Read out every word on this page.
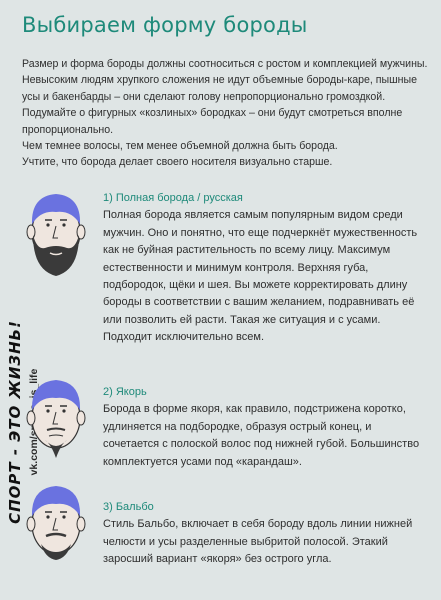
Выбираем форму бороды

Размер и форма бороды должны соотноситься с ростом и комплекцией мужчины.

Невысоким людям хрупкого сложения не идут объемные бороды-каре, пышные усы и бакенбарды – они сделают голову непропорционально громоздкой. Подумайте о фигурных «козлиных» бородках – они будут смотреться вполне пропорционально.

Чем темнее волосы, тем менее объемной должна быть борода.

Учтите, что борода делает своего носителя визуально старше.

СПОРТ - ЭТО ЖИЗНЬ!
1) Полная борода / русская

Полная борода является самым популярным видом среди мужчин. Оно и понятно, что еще подчеркнёт мужественность как не буйная растительность по всему лицу. Максимум естественности и минимум контроля. Верхняя губа, подбородок, щёки и шея. Вы можете корректировать длину бороды в соответствии с вашим желанием, подравнивать её или позволить ей расти. Такая же ситуация и с усами. Подходит исключительно всем.

2) Якорь

Борода в форме якоря, как правило, подстрижена коротко, удлиняется на подбородке, образуя острый конец, и сочетается с полоской волос под нижней губой. Большинство комплектуется усами под «карандаш».

3) Бальбо

Стиль Бальбо, включает в себя бороду вдоль линии нижней челюсти и усы разделенные выбритой полосой. Этакий заросший вариант «якоря» без острого угла.
